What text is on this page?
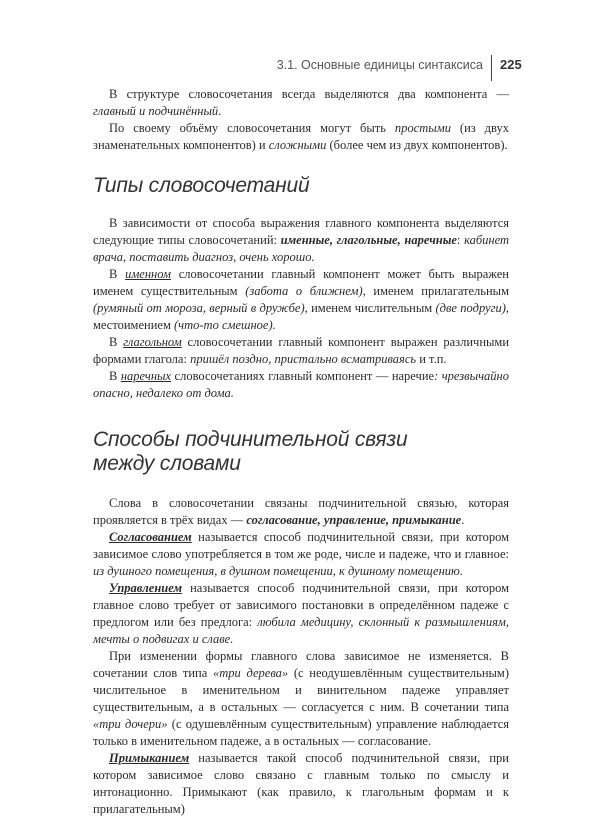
3.1. Основные единицы синтаксиса 225

В структуре словосочетания всегда выделяются два компонента — главный и подчинённый.

По своему объёму словосочетания могут быть простыми (из двух знаменательных компонентов) и сложными (более чем из двух компонентов).

Типы словосочетаний

В зависимости от способа выражения главного компонента выделяются следующие типы словосочетаний: именные, глагольные, наречные: кабинет врача, поставить диагноз, очень хорошо.

В именном словосочетании главный компонент может быть выражен именем существительным (забота о ближнем), именем прилагательным (румяный от мороза, верный в дружбе), именем числительным (две подруги), местоимением (что-то смешное).

В глагольном словосочетании главный компонент выражен различными формами глагола: пришёл поздно, пристально всматриваясь и т.п.

В наречных словосочетаниях главный компонент — наречие: чрезвычайно опасно, недалеко от дома.

Способы подчинительной связи
между словами

Слова в словосочетании связаны подчинительной связью, которая проявляется в трёх видах — согласование, управление, примыкание.

Согласованием называется способ подчинительной связи, при котором зависимое слово употребляется в том же роде, числе и падеже, что и главное: из душного помещения, в душном помещении, к душному помещению.

Управлением называется способ подчинительной связи, при котором главное слово требует от зависимого постановки в определённом падеже с предлогом или без предлога: любила медицину, склонный к размышлениям, мечты о подвигах и славе.

При изменении формы главного слова зависимое не изменяется. В сочетании слов типа «три дерева» (с неодушевлённым существительным) числительное в именительном и винительном падеже управляет существительным, а в остальных — согласуется с ним. В сочетании типа «три дочери» (с одушевлённым существительным) управление наблюдается только в именительном падеже, а в остальных — согласование.

Примыканием называется такой способ подчинительной связи, при котором зависимое слово связано с главным только по смыслу и интонационно. Примыкают (как правило, к глагольным формам и к прилагательным)
